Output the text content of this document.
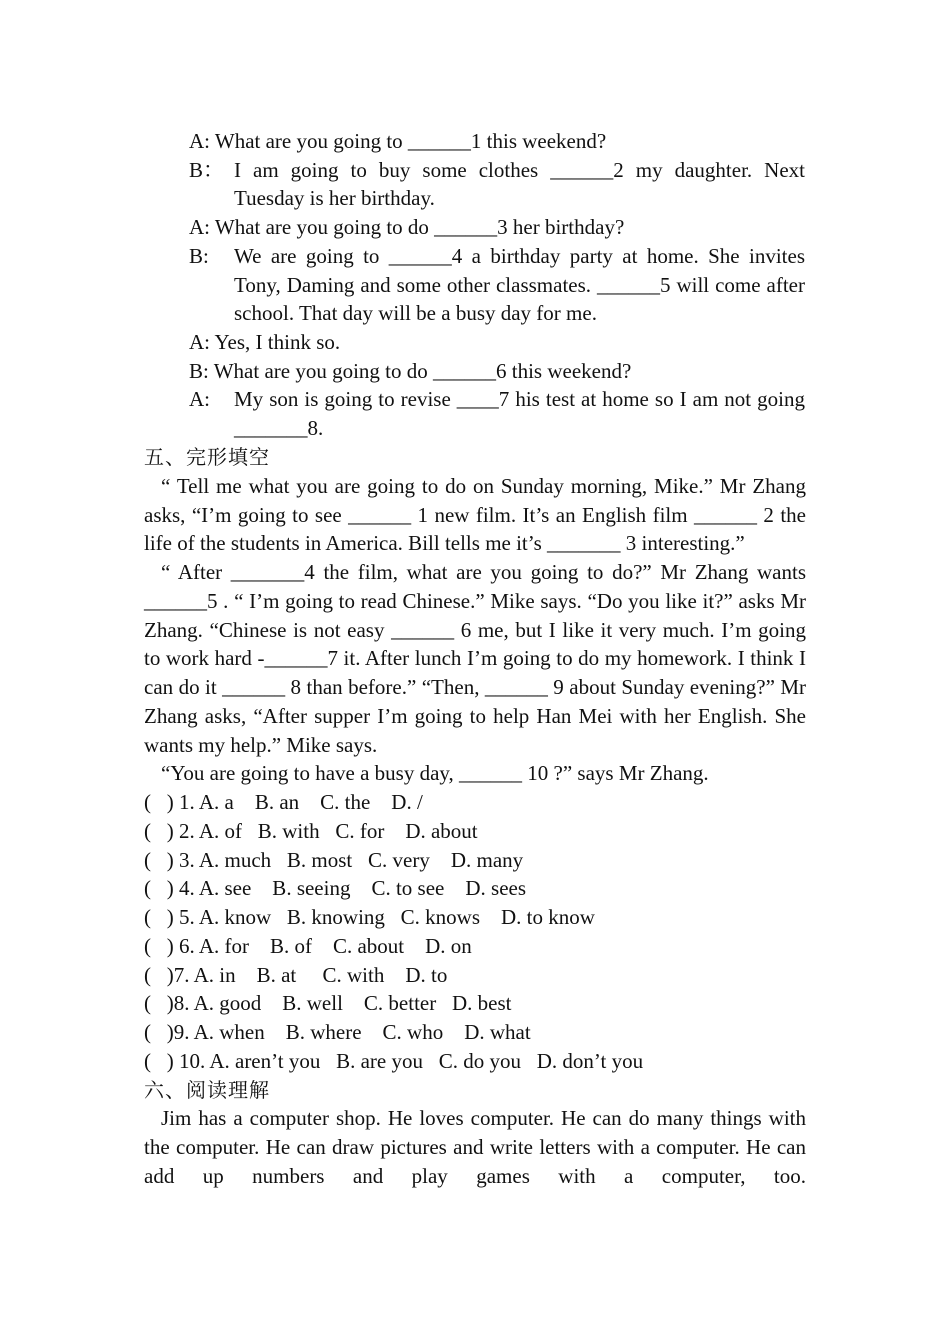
A: What are you going to ______1 this weekend?
B： I am going to buy some clothes ______2 my daughter. Next Tuesday is her birthday.
A: What are you going to do ______3 her birthday?
B: We are going to ______4 a birthday party at home. She invites Tony, Daming and some other classmates. ______5 will come after school. That day will be a busy day for me.
A: Yes, I think so.
B: What are you going to do ______6 this weekend?
A: My son is going to revise ____7 his test at home so I am not going _______8.
五、完形填空
“ Tell me what you are going to do on Sunday morning, Mike.” Mr Zhang asks, “I’m going to see ______ 1 new film. It’s an English film ______ 2 the life of the students in America. Bill tells me it’s _______ 3 interesting.”
“ After _______4 the film, what are you going to do?” Mr Zhang wants ______5 . “ I’m going to read Chinese.” Mike says. “Do you like it?” asks Mr Zhang. “Chinese is not easy ______ 6 me, but I like it very much. I’m going to work hard -______7 it. After lunch I’m going to do my homework. I think I can do it ______ 8 than before.” “Then, ______ 9 about Sunday evening?” Mr Zhang asks, “After supper I’m going to help Han Mei with her English. She wants my help.” Mike says.
“You are going to have a busy day, ______ 10 ?” says Mr Zhang.
(   ) 1. A. a    B. an    C. the    D. /
(   ) 2. A. of   B. with   C. for    D. about
(   ) 3. A. much   B. most   C. very    D. many
(   ) 4. A. see    B. seeing    C. to see    D. sees
(   ) 5. A. know   B. knowing   C. knows    D. to know
(   ) 6. A. for    B. of    C. about    D. on
(   )7. A. in    B. at     C. with    D. to
(   )8. A. good    B. well    C. better   D. best
(   )9. A. when    B. where    C. who    D. what
(   ) 10. A. aren’t you   B. are you   C. do you   D. don’t you
六、阅读理解
Jim has a computer shop. He loves computer. He can do many things with the computer. He can draw pictures and write letters with a computer. He can add up numbers and play games with a computer, too.
